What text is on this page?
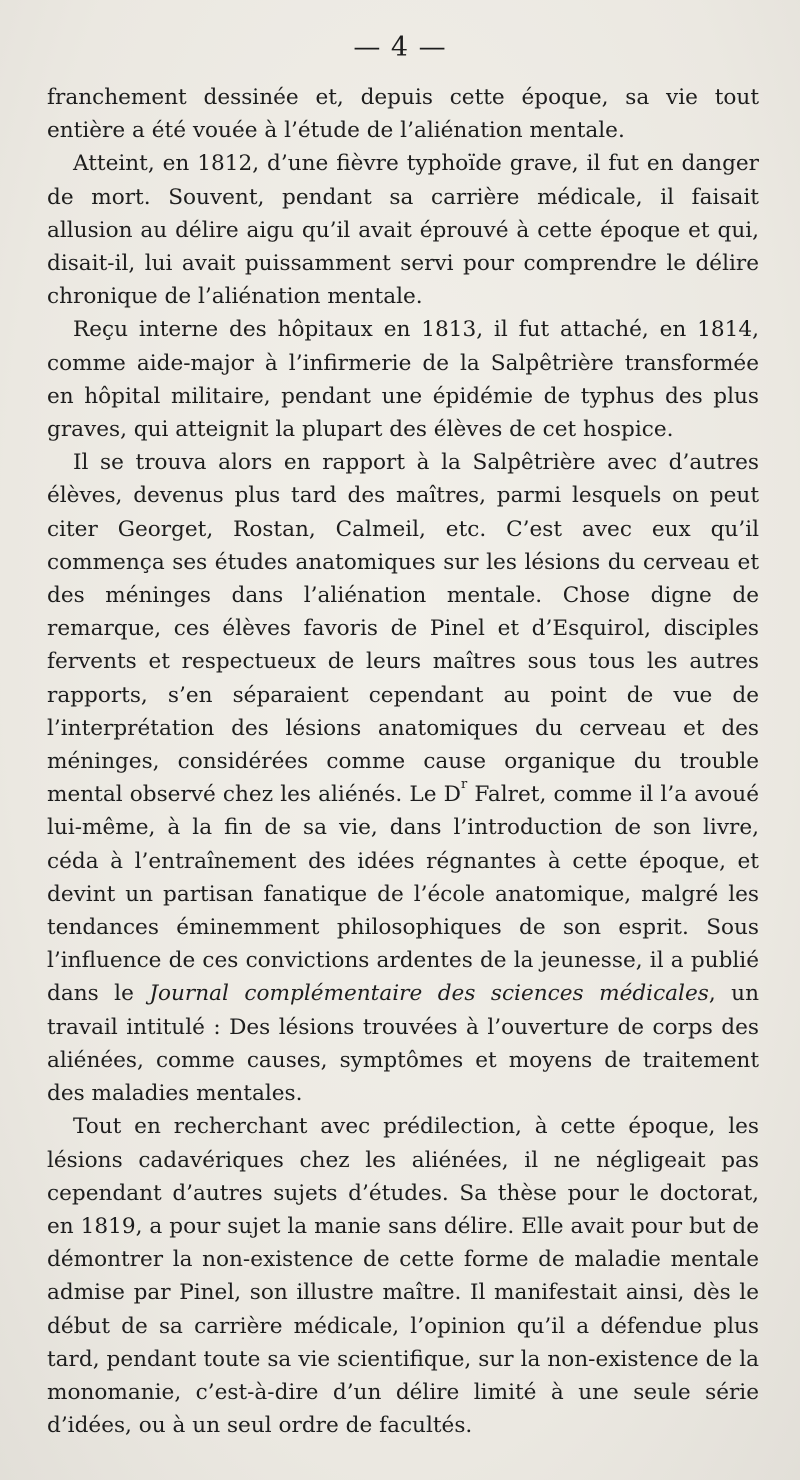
— 4 —

franchement dessinée et, depuis cette époque, sa vie tout entière a été vouée à l’étude de l’aliénation mentale.

Atteint, en 1812, d’une fièvre typhoïde grave, il fut en danger de mort. Souvent, pendant sa carrière médicale, il faisait allusion au délire aigu qu’il avait éprouvé à cette époque et qui, disait-il, lui avait puissamment servi pour comprendre le délire chronique de l’aliénation mentale.

Reçu interne des hôpitaux en 1813, il fut attaché, en 1814, comme aide-major à l’infirmerie de la Salpêtrière transformée en hôpital militaire, pendant une épidémie de typhus des plus graves, qui atteignit la plupart des élèves de cet hospice.

Il se trouva alors en rapport à la Salpêtrière avec d’autres élèves, devenus plus tard des maîtres, parmi lesquels on peut citer Georget, Rostan, Calmeil, etc. C’est avec eux qu’il commença ses études anatomiques sur les lésions du cerveau et des méninges dans l’aliénation mentale. Chose digne de remarque, ces élèves favoris de Pinel et d’Esquirol, disciples fervents et respectueux de leurs maîtres sous tous les autres rapports, s’en séparaient cependant au point de vue de l’interprétation des lésions anatomiques du cerveau et des méninges, considérées comme cause organique du trouble mental observé chez les aliénés. Le $D^r$ Falret, comme il l’a avoué lui-même, à la fin de sa vie, dans l’introduction de son livre, céda à l’entraînement des idées régnantes à cette époque, et devint un partisan fanatique de l’école anatomique, malgré les tendances éminemment philosophiques de son esprit. Sous l’influence de ces convictions ardentes de la jeunesse, il a publié dans le Journal complémentaire des sciences médicales, un travail intitulé : Des lésions trouvées à l’ouverture de corps des aliénées, comme causes, symptômes et moyens de traitement des maladies mentales.

Tout en recherchant avec prédilection, à cette époque, les lésions cadavériques chez les aliénées, il ne négligeait pas cependant d’autres sujets d’études. Sa thèse pour le doctorat, en 1819, a pour sujet la manie sans délire. Elle avait pour but de démontrer la non-existence de cette forme de maladie mentale admise par Pinel, son illustre maître. Il manifestait ainsi, dès le début de sa carrière médicale, l’opinion qu’il a défendue plus tard, pendant toute sa vie scientifique, sur la non-existence de la monomanie, c’est-à-dire d’un délire limité à une seule série d’idées, ou à un seul ordre de facultés.
